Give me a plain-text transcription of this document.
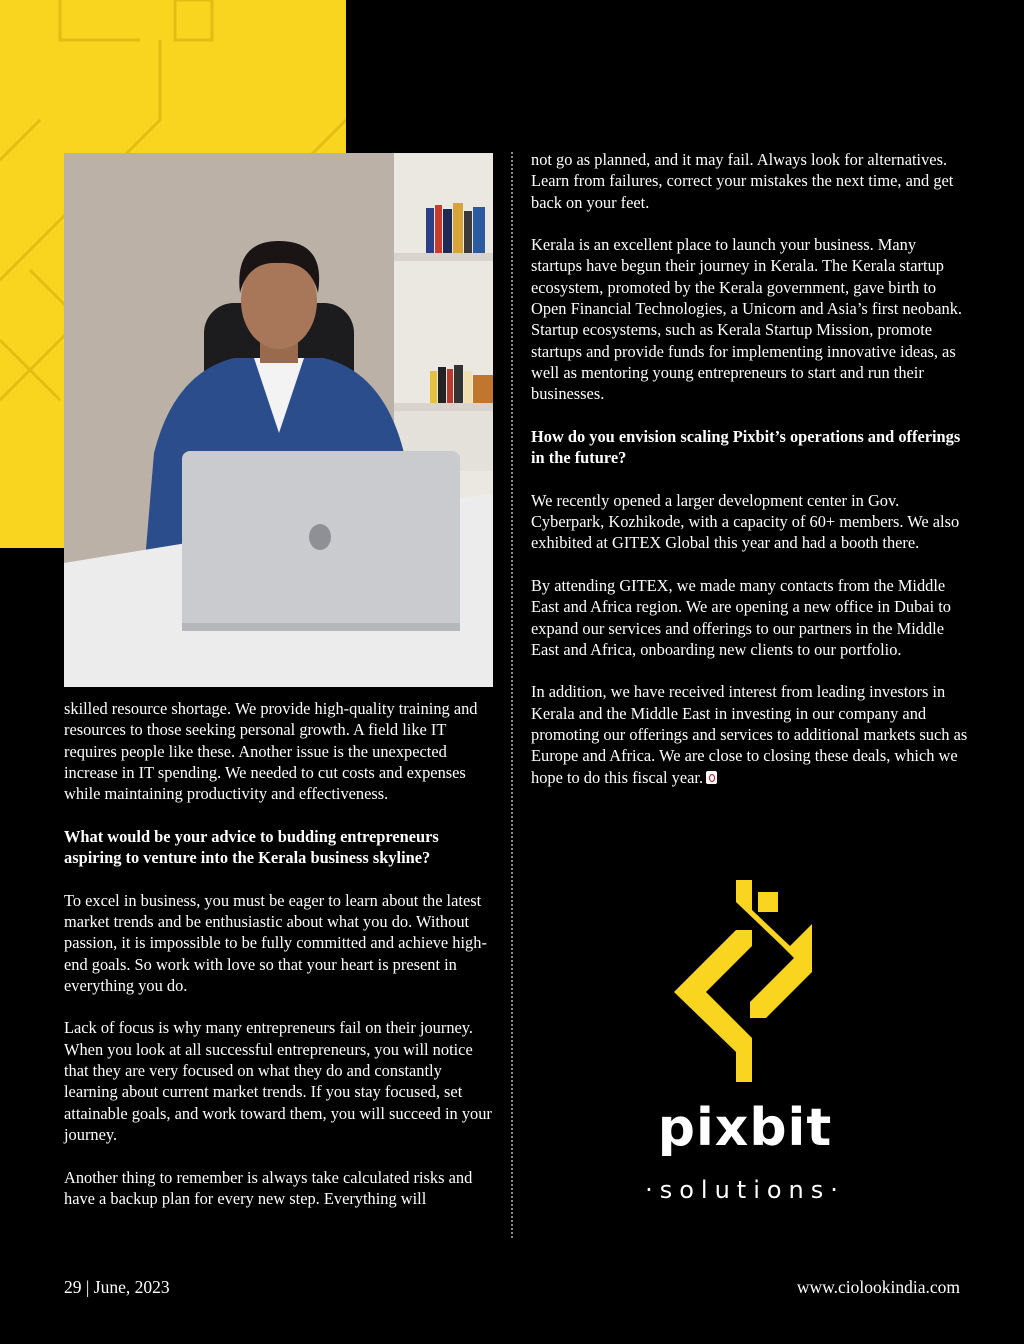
skilled resource shortage. We provide high-quality training and resources to those seeking personal growth. A field like IT requires people like these. Another issue is the unexpected increase in IT spending. We needed to cut costs and expenses while maintaining productivity and effectiveness.

What would be your advice to budding entrepreneurs aspiring to venture into the Kerala business skyline?

To excel in business, you must be eager to learn about the latest market trends and be enthusiastic about what you do. Without passion, it is impossible to be fully committed and achieve high-end goals. So work with love so that your heart is present in everything you do.

Lack of focus is why many entrepreneurs fail on their journey. When you look at all successful entrepreneurs, you will notice that they are very focused on what they do and constantly learning about current market trends. If you stay focused, set attainable goals, and work toward them, you will succeed in your journey.

Another thing to remember is always take calculated risks and have a backup plan for every new step. Everything will

not go as planned, and it may fail. Always look for alternatives. Learn from failures, correct your mistakes the next time, and get back on your feet.

Kerala is an excellent place to launch your business. Many startups have begun their journey in Kerala. The Kerala startup ecosystem, promoted by the Kerala government, gave birth to Open Financial Technologies, a Unicorn and Asia’s first neobank. Startup ecosystems, such as Kerala Startup Mission, promote startups and provide funds for implementing innovative ideas, as well as mentoring young entrepreneurs to start and run their businesses.

How do you envision scaling Pixbit’s operations and offerings in the future?

We recently opened a larger development center in Gov. Cyberpark, Kozhikode, with a capacity of 60+ members. We also exhibited at GITEX Global this year and had a booth there.

By attending GITEX, we made many contacts from the Middle East and Africa region. We are opening a new office in Dubai to expand our services and offerings to our partners in the Middle East and Africa, onboarding new clients to our portfolio.

In addition, we have received interest from leading investors in Kerala and the Middle East in investing in our company and promoting our offerings and services to additional markets such as Europe and Africa. We are close to closing these deals, which we hope to do this fiscal year.

pixbit
·solutions·
29 | June, 2023	www.ciolookindia.com
